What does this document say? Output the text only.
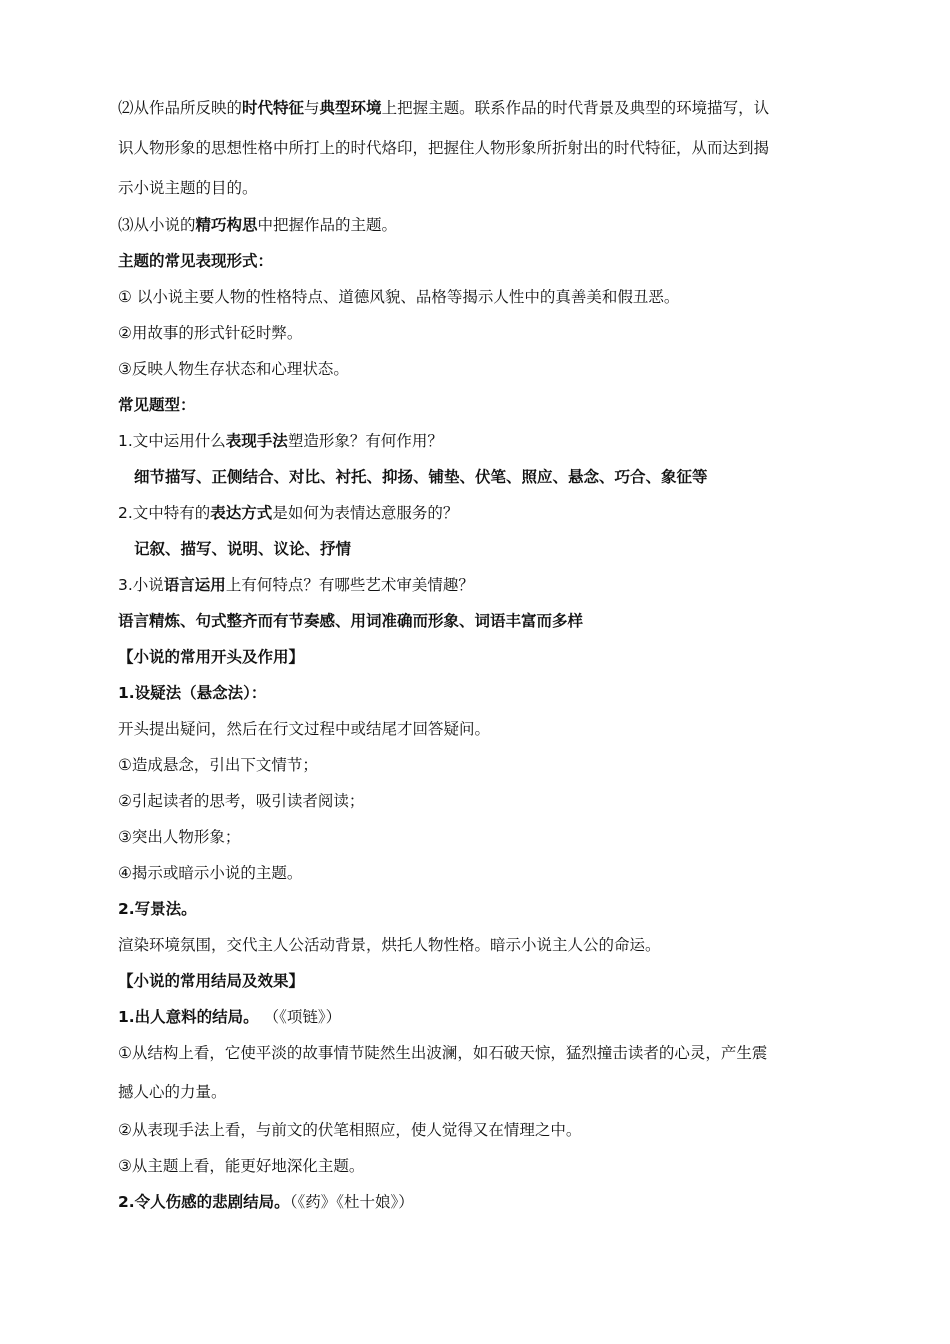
⑵从作品所反映的时代特征与典型环境上把握主题。联系作品的时代背景及典型的环境描写，认
识人物形象的思想性格中所打上的时代烙印，把握住人物形象所折射出的时代特征，从而达到揭
示小说主题的目的。
⑶从小说的精巧构思中把握作品的主题。
主题的常见表现形式：
① 以小说主要人物的性格特点、道德风貌、品格等揭示人性中的真善美和假丑恶。
②用故事的形式针砭时弊。
③反映人物生存状态和心理状态。
常见题型：
1.文中运用什么表现手法塑造形象？有何作用？
细节描写、正侧结合、对比、衬托、抑扬、铺垫、伏笔、照应、悬念、巧合、象征等
2.文中特有的表达方式是如何为表情达意服务的？
记叙、描写、说明、议论、抒情
3.小说语言运用上有何特点？有哪些艺术审美情趣？
语言精炼、句式整齐而有节奏感、用词准确而形象、词语丰富而多样
【小说的常用开头及作用】
1.设疑法（悬念法）：
开头提出疑问，然后在行文过程中或结尾才回答疑问。
①造成悬念，引出下文情节；
②引起读者的思考，吸引读者阅读；
③突出人物形象；
④揭示或暗示小说的主题。
2.写景法。
渲染环境氛围，交代主人公活动背景，烘托人物性格。暗示小说主人公的命运。
【小说的常用结局及效果】
1.出人意料的结局。 （《项链》）
①从结构上看，它使平淡的故事情节陡然生出波澜，如石破天惊，猛烈撞击读者的心灵，产生震
撼人心的力量。
②从表现手法上看，与前文的伏笔相照应，使人觉得又在情理之中。
③从主题上看，能更好地深化主题。
2.令人伤感的悲剧结局。（《药》《杜十娘》）
